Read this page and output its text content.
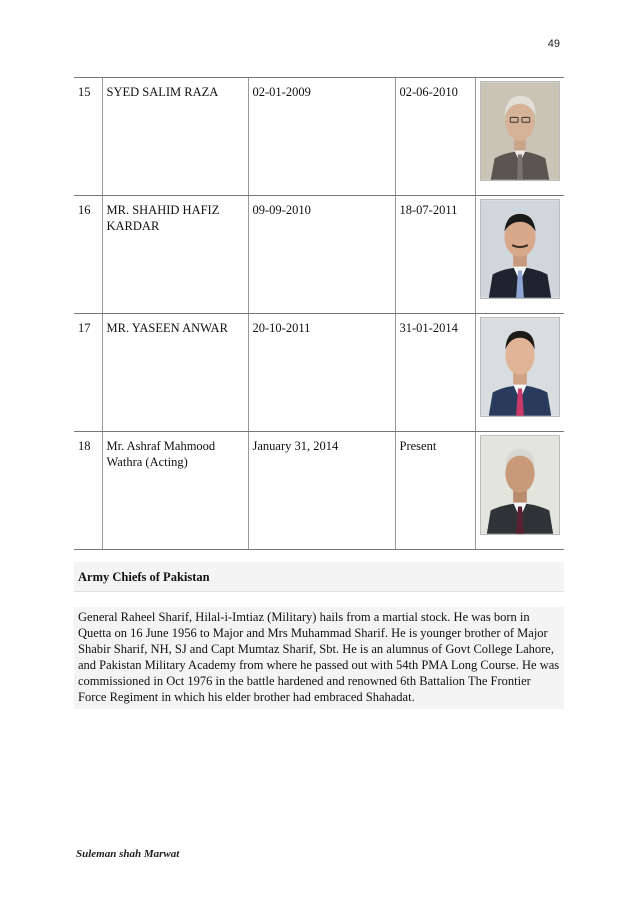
49
15	SYED SALIM RAZA	02-01-2009	02-06-2010	

16	MR. SHAHID HAFIZ KARDAR	09-09-2010	18-07-2011	

17	MR. YASEEN ANWAR	20-10-2011	31-01-2014	

18	Mr. Ashraf Mahmood Wathra (Acting)	January 31, 2014	Present	
Army Chiefs of Pakistan

General Raheel Sharif, Hilal-i-Imtiaz (Military) hails from a martial stock. He was born in Quetta on 16 June 1956 to Major and Mrs Muhammad Sharif. He is younger brother of Major Shabir Sharif, NH, SJ and Capt Mumtaz Sharif, Sbt. He is an alumnus of Govt College Lahore, and Pakistan Military Academy from where he passed out with 54th PMA Long Course. He was commissioned in Oct 1976 in the battle hardened and renowned 6th Battalion The Frontier Force Regiment in which his elder brother had embraced Shahadat.

Suleman shah Marwat
